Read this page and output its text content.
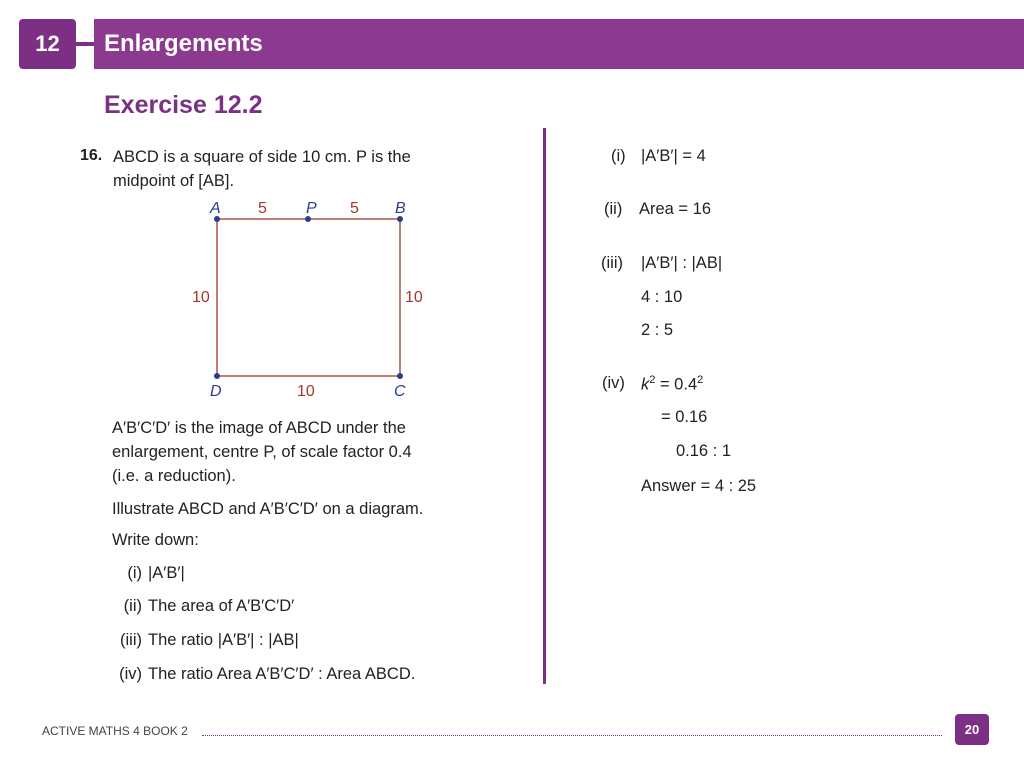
12	Enlargements
Exercise 12.2
16. ABCD is a square of side 10 cm. P is the
midpoint of [AB].
A	P	B
D	C
5	5
10	10
10
A′B′C′D′ is the image of ABCD under the
enlargement, centre P, of scale factor 0.4
(i.e. a reduction).
Illustrate ABCD and A′B′C′D′ on a diagram.
Write down:
(i) |A′B′|
(ii) The area of A′B′C′D′
(iii) The ratio |A′B′| : |AB|
(iv) The ratio Area A′B′C′D′ : Area ABCD.
(i) |A′B′| = 4
(ii) Area = 16
(iii) |A′B′| : |AB|
4 : 10
2 : 5
(iv) $k^2 = 0.4^2$
= 0.16
0.16 : 1
Answer = 4 : 25
ACTIVE MATHS 4 BOOK 2	20
